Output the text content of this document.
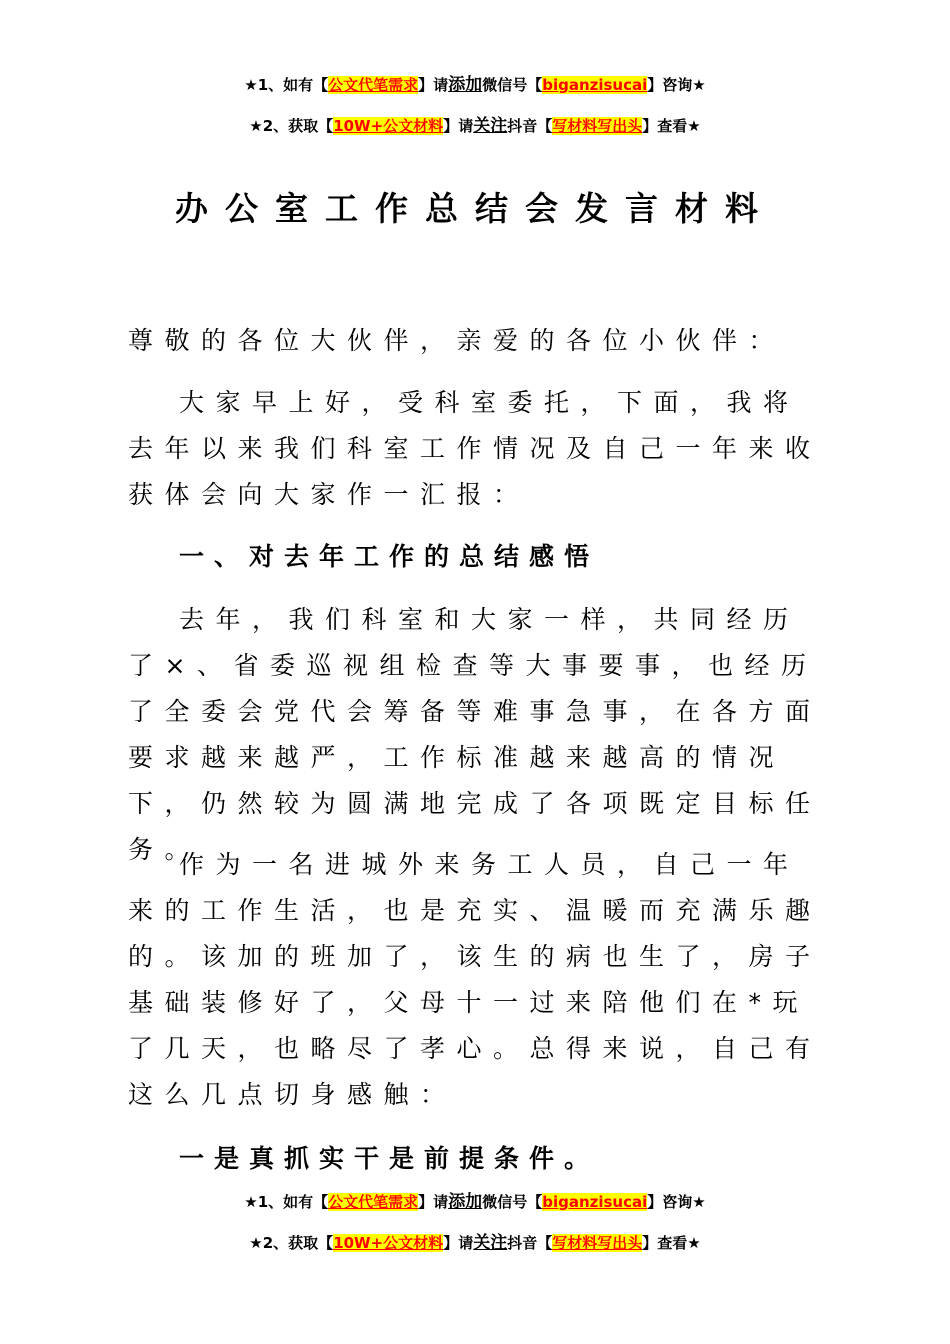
★1、如有【公文代笔需求】请添加微信号【biganzisucai】咨询★
★2、获取【10W+公文材料】请关注抖音【写材料写出头】查看★
办公室工作总结会发言材料
尊敬的各位大伙伴，亲爱的各位小伙伴：
大家早上好，受科室委托，下面，我将去年以来我们科室工作情况及自己一年来收获体会向大家作一汇报：
一、对去年工作的总结感悟
去年，我们科室和大家一样，共同经历了×、省委巡视组检查等大事要事，也经历了全委会党代会筹备等难事急事，在各方面要求越来越严，工作标准越来越高的情况下，仍然较为圆满地完成了各项既定目标任务。
作为一名进城外来务工人员，自己一年来的工作生活，也是充实、温暖而充满乐趣的。该加的班加了，该生的病也生了，房子基础装修好了，父母十一过来陪他们在*玩了几天，也略尽了孝心。总得来说，自己有这么几点切身感触：
一是真抓实干是前提条件。
★1、如有【公文代笔需求】请添加微信号【biganzisucai】咨询★
★2、获取【10W+公文材料】请关注抖音【写材料写出头】查看★
